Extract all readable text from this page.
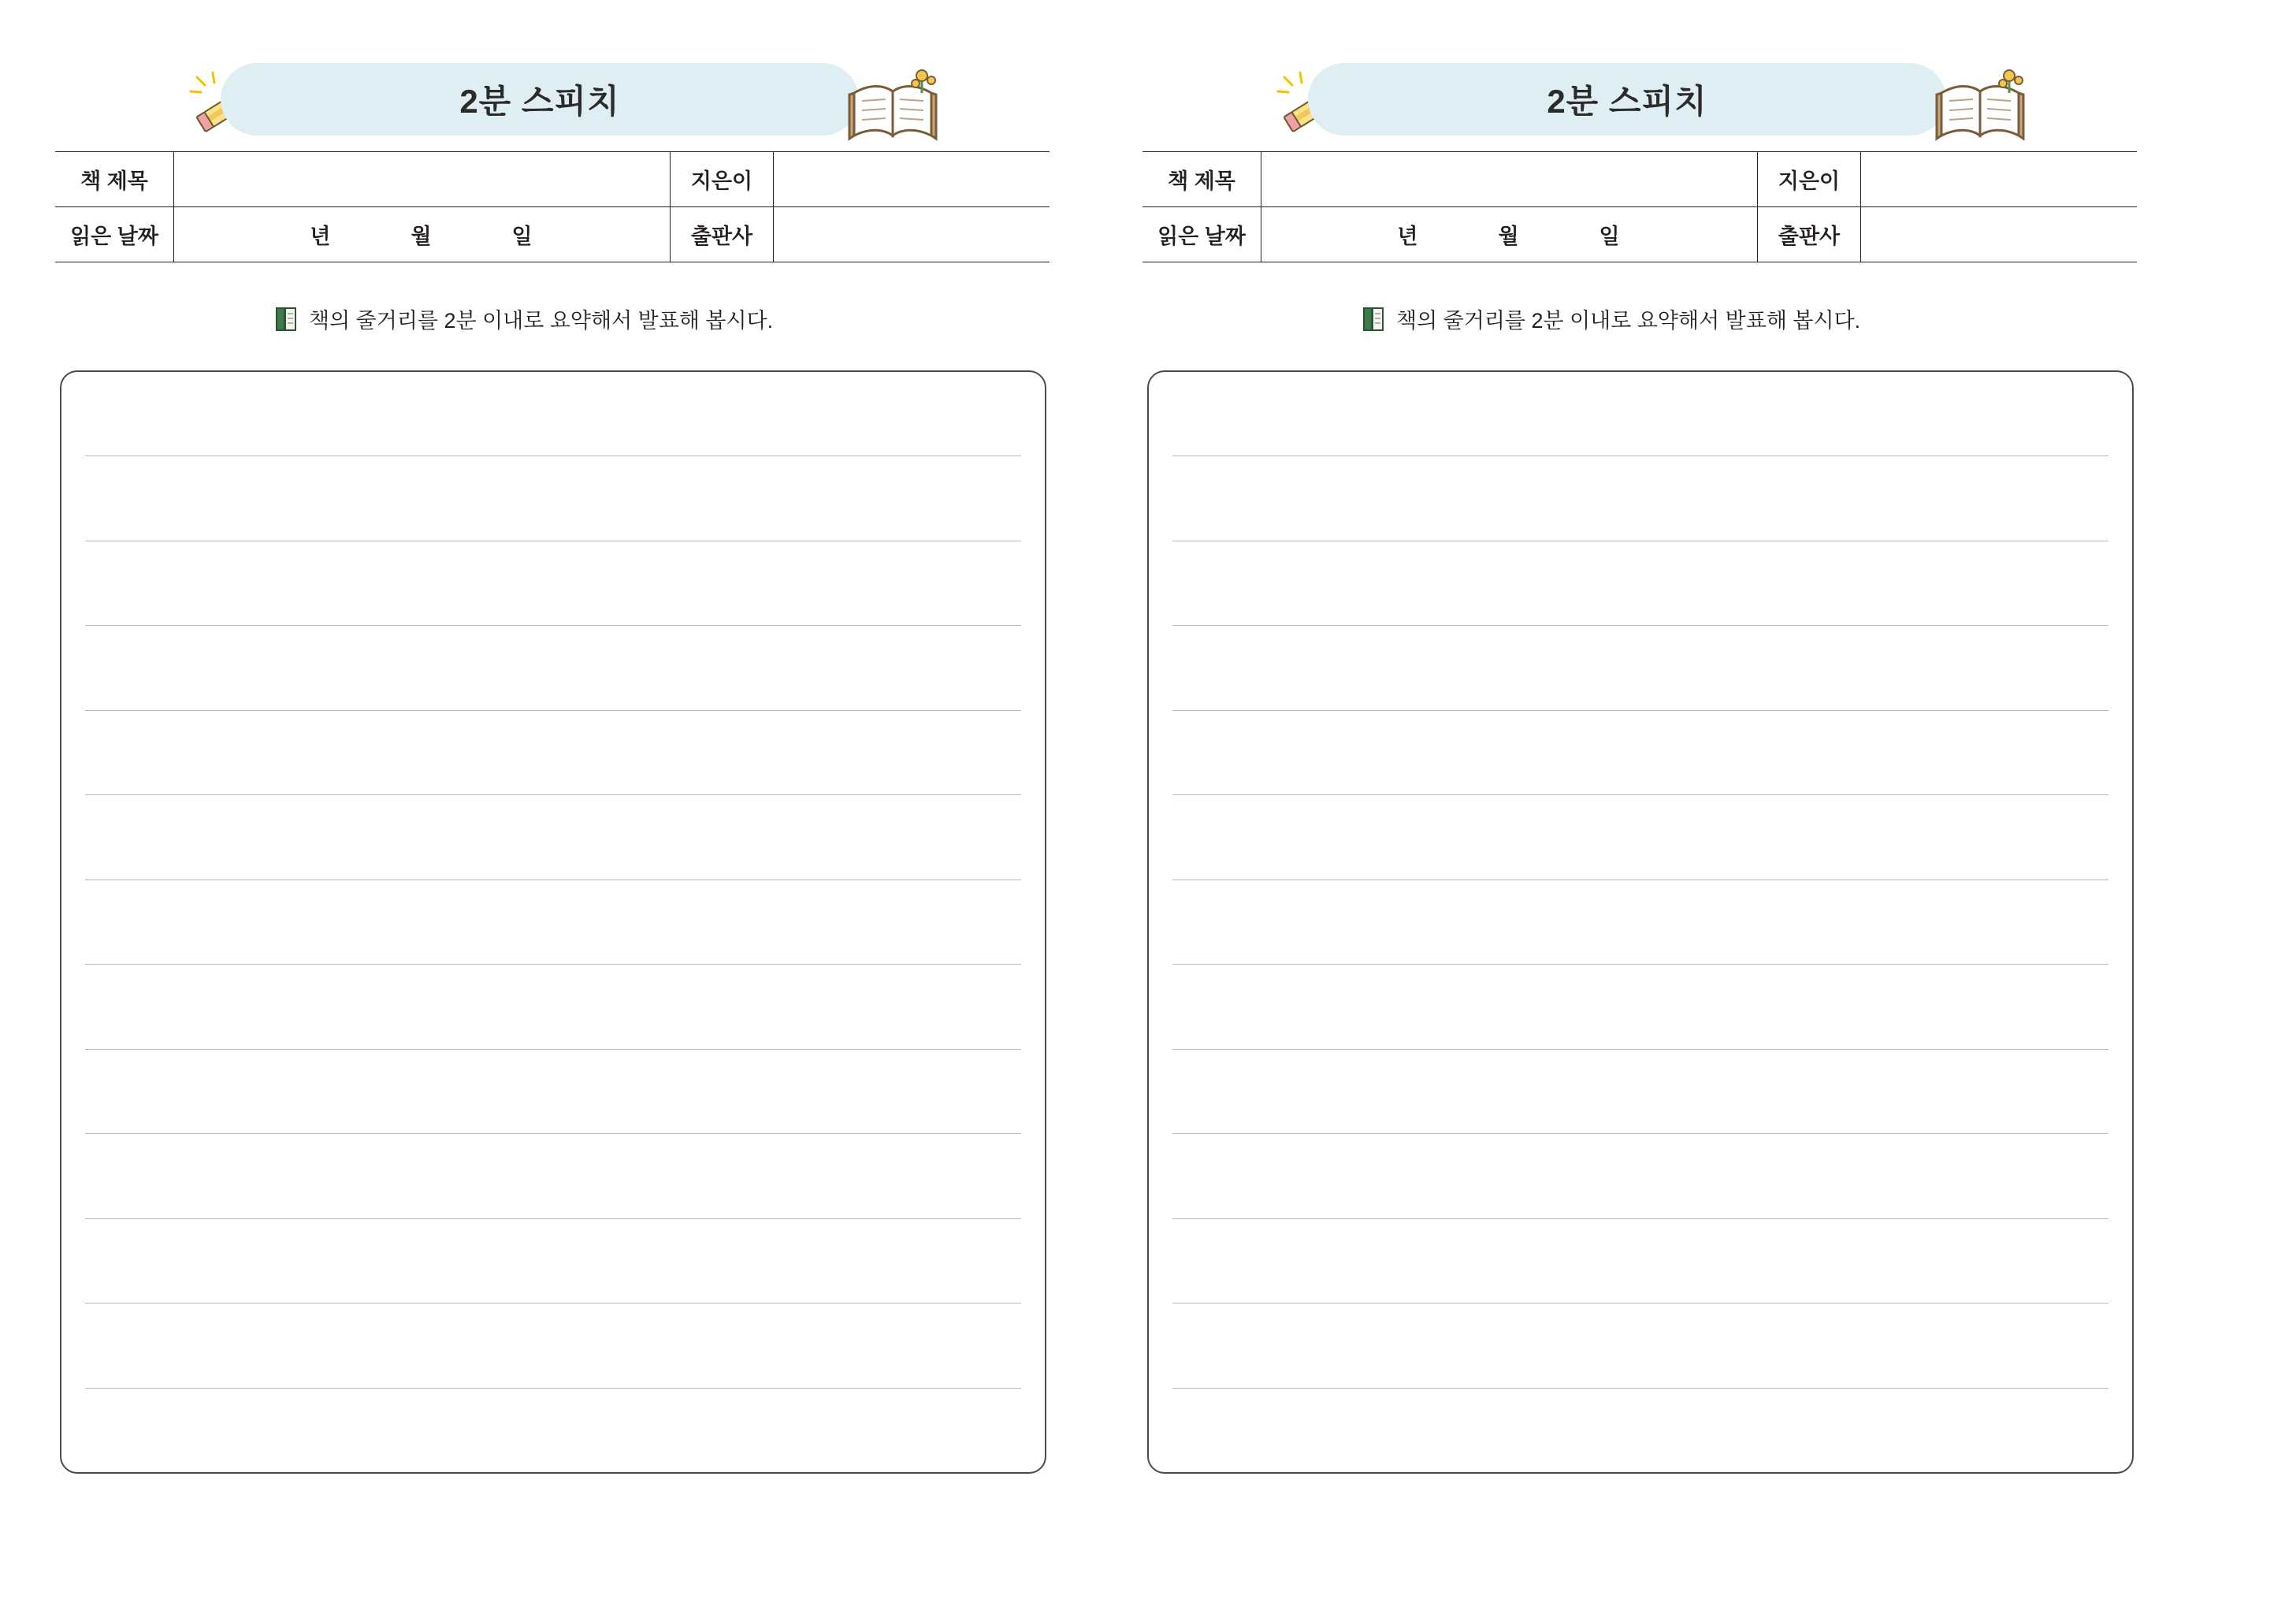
2분 스피치
책 제목		지은이	
읽은 날짜	년 월 일	출판사	
책의 줄거리를 2분 이내로 요약해서 발표해 봅시다.
2분 스피치
책 제목		지은이	
읽은 날짜	년 월 일	출판사	
책의 줄거리를 2분 이내로 요약해서 발표해 봅시다.
